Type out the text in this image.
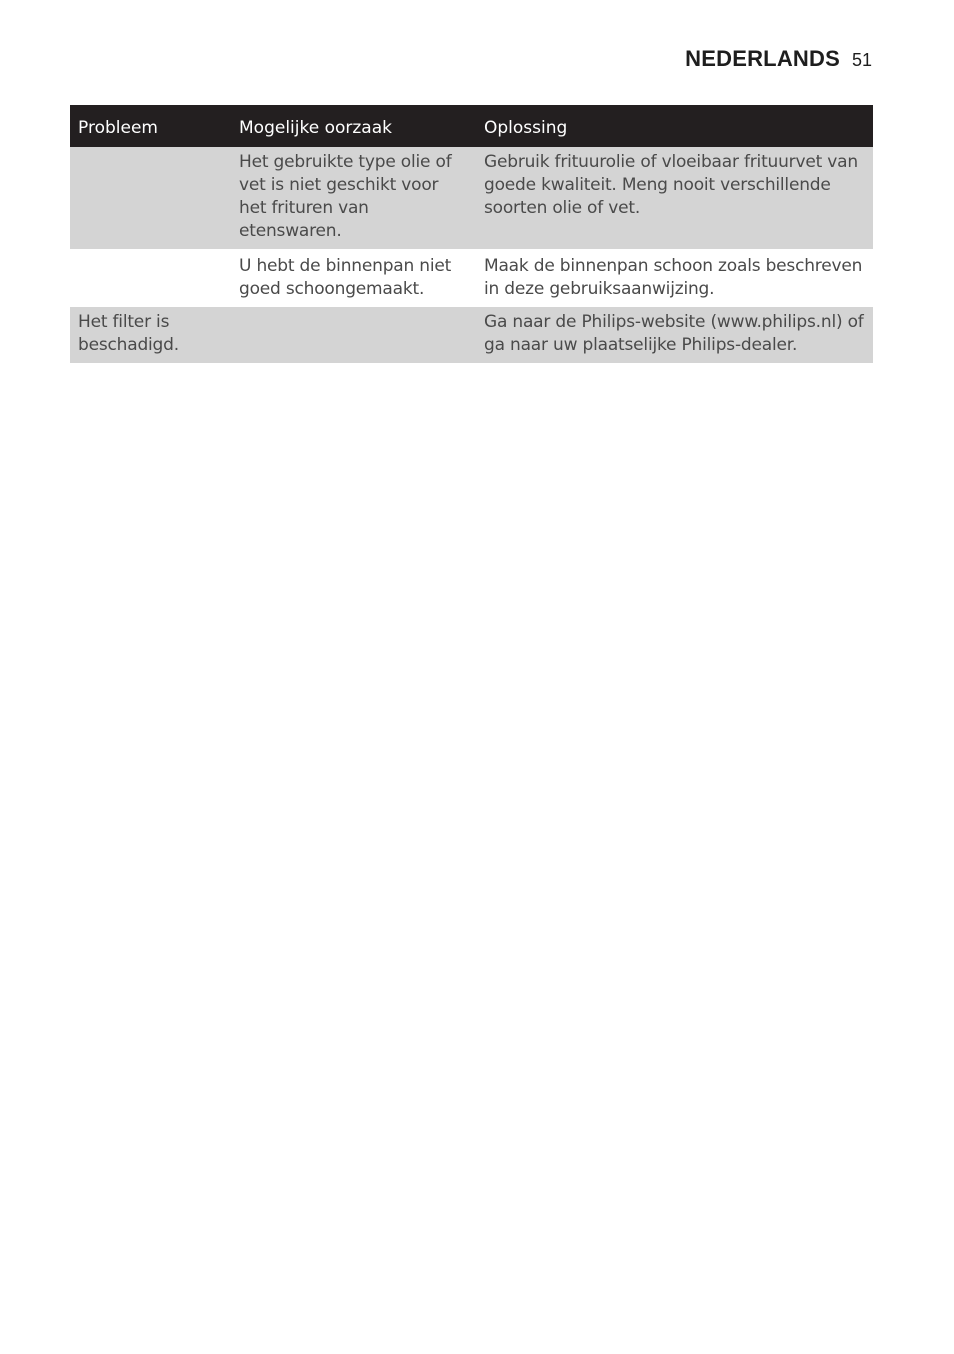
NEDERLANDS 51
Probleem	Mogelijke oorzaak	Oplossing
	Het gebruikte type olie of vet is niet geschikt voor het frituren van etenswaren.	Gebruik frituurolie of vloeibaar frituurvet van goede kwaliteit. Meng nooit verschillende soorten olie of vet.
	U hebt de binnenpan niet goed schoongemaakt.	Maak de binnenpan schoon zoals beschreven in deze gebruiksaanwijzing.
Het filter is beschadigd.		Ga naar de Philips-website (www.philips.nl) of ga naar uw plaatselijke Philips-dealer.
